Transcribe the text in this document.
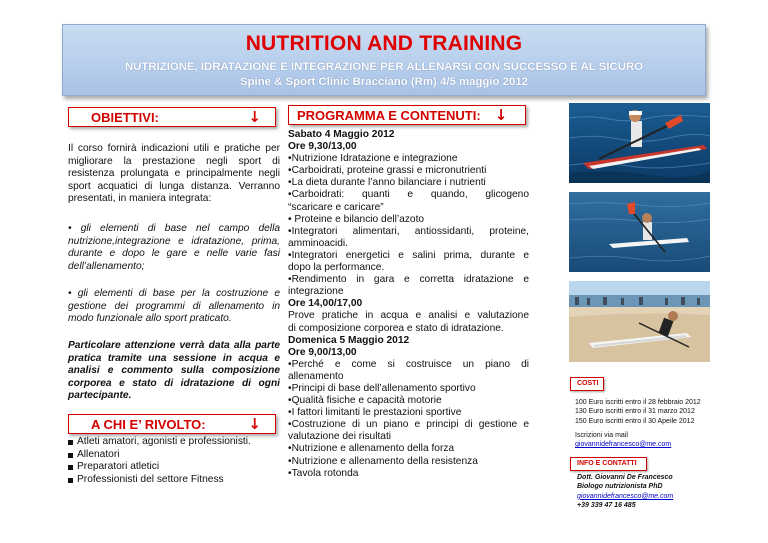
NUTRITION AND TRAINING
NUTRIZIONE, IDRATAZIONE E INTEGRAZIONE PER ALLENARSI CON SUCCESSO E AL SICURO
Spine & Sport Clinic Bracciano (Rm) 4/5 maggio 2012
OBIETTIVI:	↓
Il corso fornirà indicazioni utili e pratiche per migliorare la prestazione negli sport di resistenza prolungata e principalmente negli sport acquatici di lunga distanza. Verranno presentati, in maniera integrata:
• gli elementi di base nel campo della nutrizione,integrazione e idratazione, prima, durante e dopo le gare e nelle varie fasi dell’allenamento;
• gli elementi di base per la costruzione e gestione dei programmi di allenamento in modo funzionale allo sport praticato.
Particolare attenzione verrà data alla parte pratica tramite una sessione in acqua e analisi e commento sulla composizione corporea e stato di idratazione di ogni partecipante.
A CHI E’ RIVOLTO:	↓
Atleti amatori, agonisti e professionisti.
Allenatori
Preparatori atletici
Professionisti del settore Fitness
PROGRAMMA E CONTENUTI: ↓
Sabato 4 Maggio 2012
Ore 9,30/13,00
•Nutrizione Idratazione e integrazione
•Carboidrati, proteine grassi e micronutrienti
•La dieta durante l’anno bilanciare i nutrienti
•Carboidrati: quanti e quando, glicogeno
“scaricare e caricare”
• Proteine e bilancio dell’azoto
•Integratori alimentari, antiossidanti, proteine,
amminoacidi.
•Integratori energetici e salini prima, durante e
dopo la performance.
•Rendimento in gara e corretta idratazione e
integrazione
Ore 14,00/17,00
Prove pratiche in acqua e analisi e valutazione
di composizione corporea e stato di idratazione.
Domenica 5 Maggio 2012
Ore 9,00/13,00
•Perché e come si costruisce un piano di
allenamento
•Principi di base dell’allenamento sportivo
•Qualità fisiche e capacità motorie
•I fattori limitanti le prestazioni sportive
•Costruzione di un piano e principi di gestione e
valutazione dei risultati
•Nutrizione e allenamento della forza
•Nutrizione e allenamento della resistenza
•Tavola rotonda
COSTI
100 Euro iscritti entro il 28 febbraio 2012
130 Euro iscritti entro il 31 marzo 2012
150 Euro iscritti entro il 30 Apeile 2012
Iscrizioni via mail
giovannidefrancesco@me.com
INFO E CONTATTI
Dott. Giovanni De Francesco
Biologo nutrizionista PhD
giovannidefrancesco@me.com
+39 339 47 16 485
